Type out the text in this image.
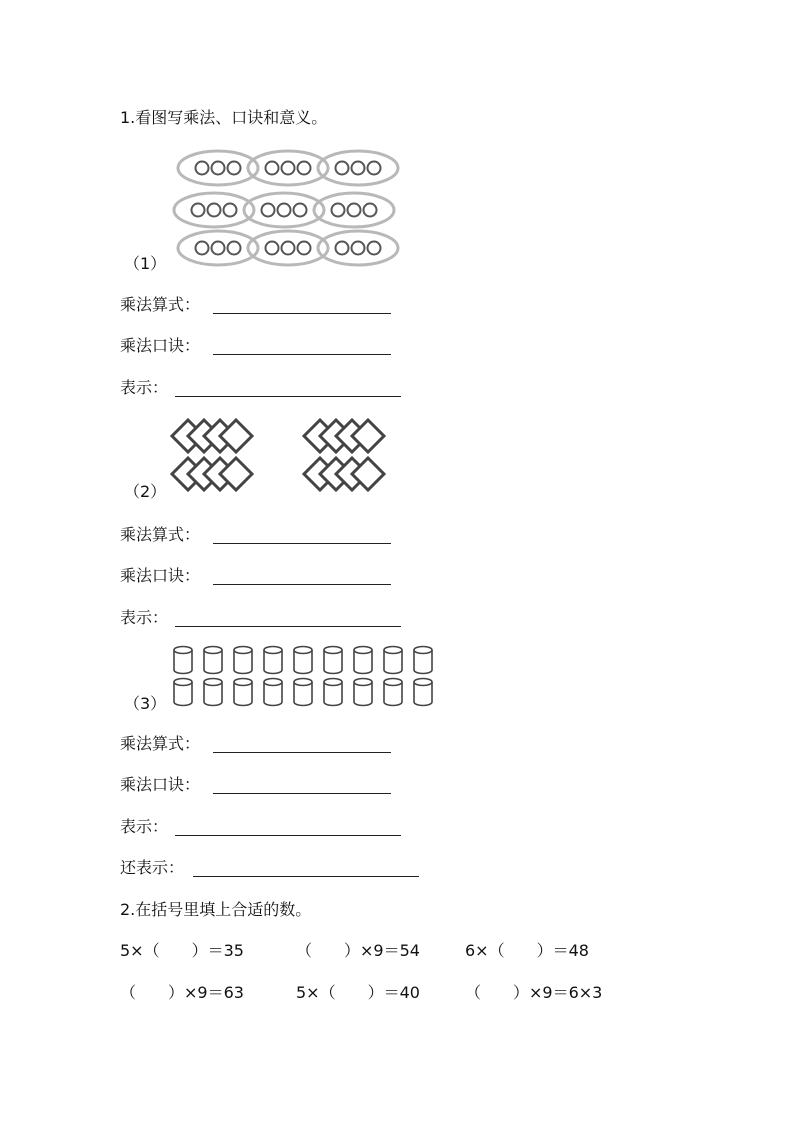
1.看图写乘法、口诀和意义。
（1）
乘法算式：
乘法口诀：
表示：
（2）
乘法算式：
乘法口诀：
表示：
（3）
乘法算式：
乘法口诀：
表示：
还表示：
2.在括号里填上合适的数。
5×（　　）＝35	（　　）×9＝54	6×（　　）＝48
（　　）×9＝63	5×（　　）＝40	（　　）×9＝6×3
